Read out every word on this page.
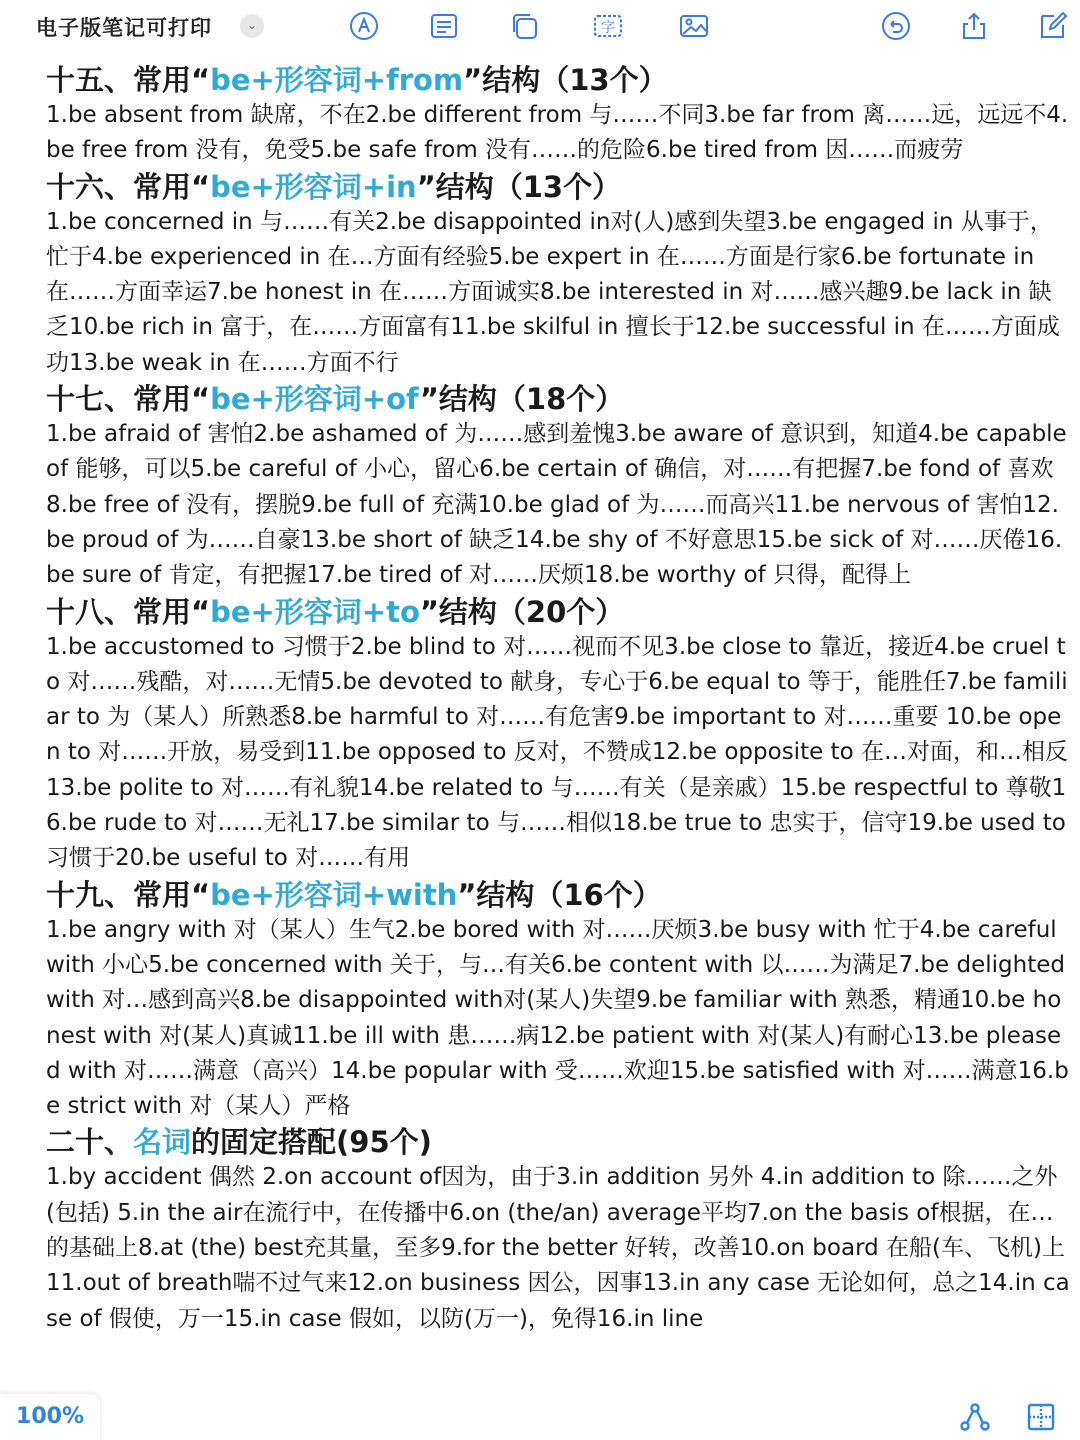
电子版笔记可打印	⌄	字
十五、常用“be+形容词+from”结构（13个）

1.be absent from 缺席，不在2.be different from 与……不同3.be far from 离……远，远远不4.be free from 没有，免受5.be safe from 没有……的危险6.be tired from 因……而疲劳

十六、常用“be+形容词+in”结构（13个）

1.be concerned in 与……有关2.be disappointed in对(人)感到失望3.be engaged in 从事于，忙于4.be experienced in 在…方面有经验5.be expert in 在……方面是行家6.be fortunate in 在……方面幸运7.be honest in 在……方面诚实8.be interested in 对……感兴趣9.be lack in 缺乏10.be rich in 富于，在……方面富有11.be skilful in 擅长于12.be successful in 在……方面成功13.be weak in 在……方面不行

十七、常用“be+形容词+of”结构（18个）

1.be afraid of 害怕2.be ashamed of 为……感到羞愧3.be aware of 意识到，知道4.be capable of 能够，可以5.be careful of 小心，留心6.be certain of 确信，对……有把握7.be fond of 喜欢8.be free of 没有，摆脱9.be full of 充满10.be glad of 为……而高兴11.be nervous of 害怕12.be proud of 为……自豪13.be short of 缺乏14.be shy of 不好意思15.be sick of 对……厌倦16.be sure of 肯定，有把握17.be tired of 对……厌烦18.be worthy of 只得，配得上

十八、常用“be+形容词+to”结构（20个）

1.be accustomed to 习惯于2.be blind to 对……视而不见3.be close to 靠近，接近4.be cruel to 对……残酷，对……无情5.be devoted to 献身，专心于6.be equal to 等于，能胜任7.be familiar to 为（某人）所熟悉8.be harmful to 对……有危害9.be important to 对……重要 10.be open to 对……开放，易受到11.be opposed to 反对，不赞成12.be opposite to 在…对面，和…相反13.be polite to 对……有礼貌14.be related to 与……有关（是亲戚）15.be respectful to 尊敬16.be rude to 对……无礼17.be similar to 与……相似18.be true to 忠实于，信守19.be used to 习惯于20.be useful to 对……有用

十九、常用“be+形容词+with”结构（16个）

1.be angry with 对（某人）生气2.be bored with 对……厌烦3.be busy with 忙于4.be careful with 小心5.be concerned with 关于，与…有关6.be content with 以……为满足7.be delighted with 对…感到高兴8.be disappointed with对(某人)失望9.be familiar with 熟悉，精通10.be honest with 对(某人)真诚11.be ill with 患……病12.be patient with 对(某人)有耐心13.be pleased with 对……满意（高兴）14.be popular with 受……欢迎15.be satisfied with 对……满意16.be strict with 对（某人）严格

二十、名词的固定搭配(95个)

1.by accident 偶然 2.on account of因为，由于3.in addition 另外 4.in addition to 除……之外(包括) 5.in the air在流行中，在传播中6.on (the/an) average平均7.on the basis of根据，在…的基础上8.at (the) best充其量，至多9.for the better 好转，改善10.on board 在船(车、飞机)上11.out of breath喘不过气来12.on business 因公，因事13.in any case 无论如何，总之14.in case of 假使，万一15.in case 假如，以防(万一)，免得16.in line

100%
